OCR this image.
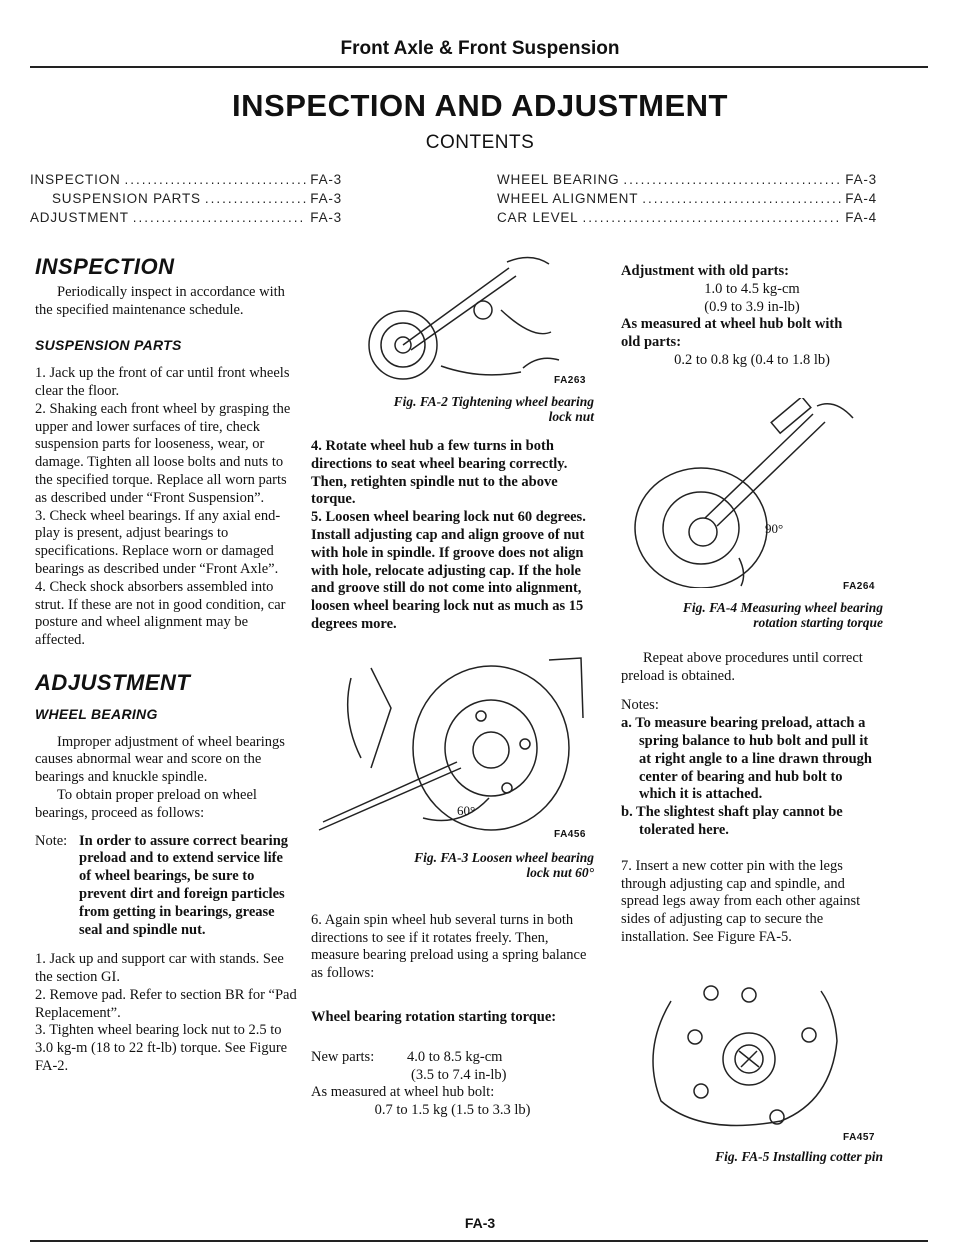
Front Axle & Front Suspension
INSPECTION AND ADJUSTMENT
CONTENTS
INSPECTION .....	FA-3
SUSPENSION PARTS .....	FA-3
ADJUSTMENT .....	FA-3
WHEEL BEARING .....	FA-3
WHEEL ALIGNMENT .....	FA-4
CAR LEVEL .....	FA-4
INSPECTION

Periodically inspect in accordance with the specified maintenance schedule.

SUSPENSION PARTS

1. Jack up the front of car until front wheels clear the floor.

2. Shaking each front wheel by grasping the upper and lower surfaces of tire, check suspension parts for looseness, wear, or damage. Tighten all loose bolts and nuts to the specified torque. Replace all worn parts as described under “Front Suspension”.

3. Check wheel bearings. If any axial end-play is present, adjust bearings to specifications. Replace worn or damaged bearings as described under “Front Axle”.

4. Check shock absorbers assembled into strut. If these are not in good condition, car posture and wheel alignment may be affected.

ADJUSTMENT
WHEEL BEARING

Improper adjustment of wheel bearings causes abnormal wear and score on the bearings and knuckle spindle.

To obtain proper preload on wheel bearings, proceed as follows:

Note: In order to assure correct bearing preload and to extend service life of wheel bearings, be sure to prevent dirt and foreign particles from getting in bearings, grease seal and spindle nut.

1. Jack up and support car with stands. See the section GI.

2. Remove pad. Refer to section BR for “Pad Replacement”.

3. Tighten wheel bearing lock nut to 2.5 to 3.0 kg-m (18 to 22 ft-lb) torque. See Figure FA-2.

FA263
Fig. FA-2 Tightening wheel bearing
lock nut

4. Rotate wheel hub a few turns in both directions to seat wheel bearing correctly. Then, retighten spindle nut to the above torque.

5. Loosen wheel bearing lock nut 60 degrees. Install adjusting cap and align groove of nut with hole in spindle. If groove does not align with hole, relocate adjusting cap. If the hole and groove still do not come into alignment, loosen wheel bearing lock nut as much as 15 degrees more.

60°
FA456
Fig. FA-3 Loosen wheel bearing
lock nut 60°

6. Again spin wheel hub several turns in both directions to see if it rotates freely. Then, measure bearing preload using a spring balance as follows:

Wheel bearing rotation starting torque:

New parts:	4.0 to 8.5 kg-cm
(3.5 to 7.4 in-lb)
As measured at wheel hub bolt:
0.7 to 1.5 kg (1.5 to 3.3 lb)
Adjustment with old parts:
1.0 to 4.5 kg-cm
(0.9 to 3.9 in-lb)
As measured at wheel hub bolt with
old parts:
0.2 to 0.8 kg (0.4 to 1.8 lb)
90°
FA264
Fig. FA-4 Measuring wheel bearing
rotation starting torque

Repeat above procedures until correct preload is obtained.

Notes:

a. To measure bearing preload, attach a spring balance to hub bolt and pull it at right angle to a line drawn through center of bearing and hub bolt to which it is attached.

b. The slightest shaft play cannot be tolerated here.

7. Insert a new cotter pin with the legs through adjusting cap and spindle, and spread legs away from each other against sides of adjusting cap to secure the installation. See Figure FA-5.

FA457
Fig. FA-5 Installing cotter pin
FA-3
